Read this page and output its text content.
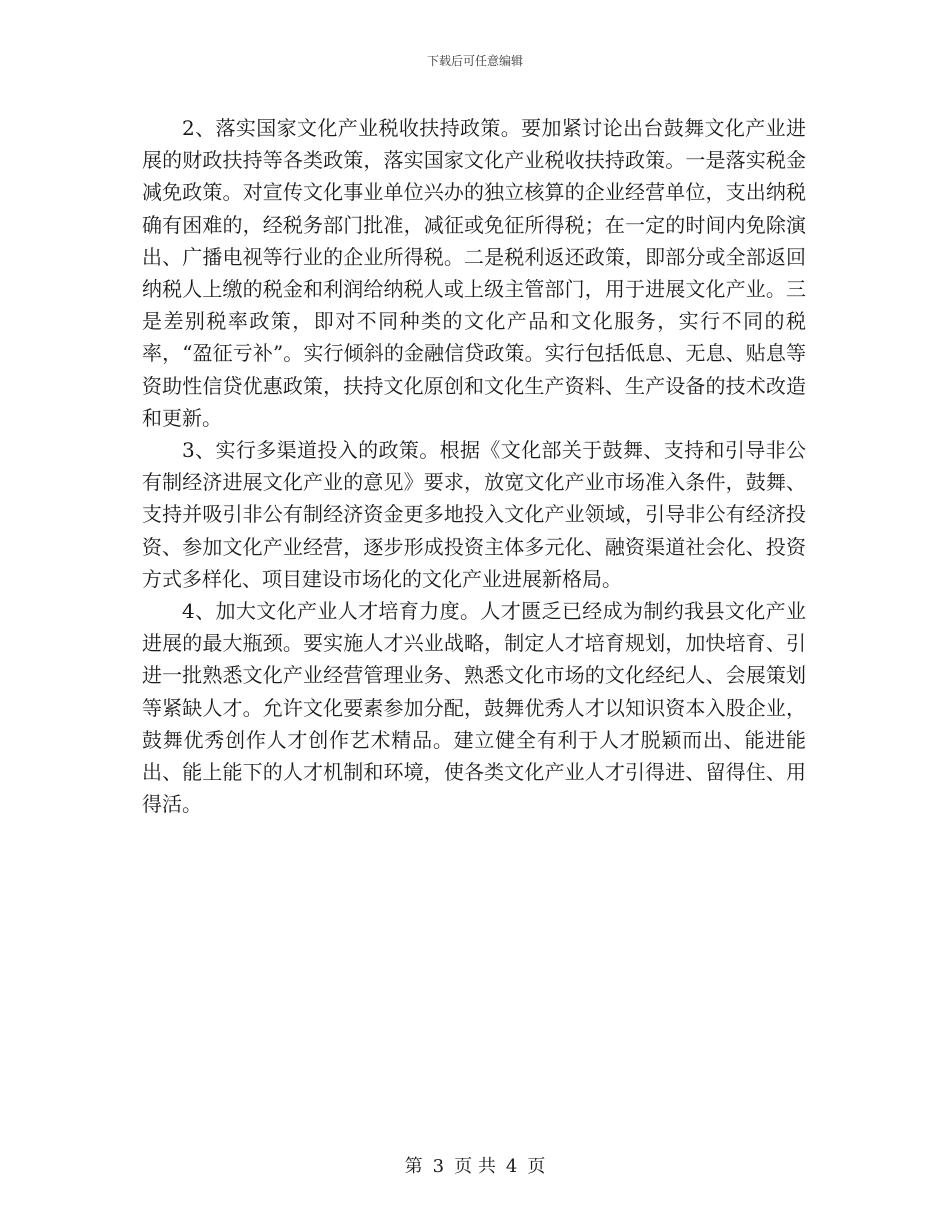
下载后可任意编辑

2、落实国家文化产业税收扶持政策。要加紧讨论出台鼓舞文化产业进展的财政扶持等各类政策，落实国家文化产业税收扶持政策。一是落实税金减免政策。对宣传文化事业单位兴办的独立核算的企业经营单位，支出纳税确有困难的，经税务部门批准，减征或免征所得税；在一定的时间内免除演出、广播电视等行业的企业所得税。二是税利返还政策，即部分或全部返回纳税人上缴的税金和利润给纳税人或上级主管部门，用于进展文化产业。三是差别税率政策，即对不同种类的文化产品和文化服务，实行不同的税率，“盈征亏补”。实行倾斜的金融信贷政策。实行包括低息、无息、贴息等资助性信贷优惠政策，扶持文化原创和文化生产资料、生产设备的技术改造和更新。

3、实行多渠道投入的政策。根据《文化部关于鼓舞、支持和引导非公有制经济进展文化产业的意见》要求，放宽文化产业市场准入条件，鼓舞、支持并吸引非公有制经济资金更多地投入文化产业领域，引导非公有经济投资、参加文化产业经营，逐步形成投资主体多元化、融资渠道社会化、投资方式多样化、项目建设市场化的文化产业进展新格局。

4、加大文化产业人才培育力度。人才匮乏已经成为制约我县文化产业进展的最大瓶颈。要实施人才兴业战略，制定人才培育规划，加快培育、引进一批熟悉文化产业经营管理业务、熟悉文化市场的文化经纪人、会展策划等紧缺人才。允许文化要素参加分配，鼓舞优秀人才以知识资本入股企业，鼓舞优秀创作人才创作艺术精品。建立健全有利于人才脱颖而出、能进能出、能上能下的人才机制和环境，使各类文化产业人才引得进、留得住、用得活。

第 3 页 共 4 页
